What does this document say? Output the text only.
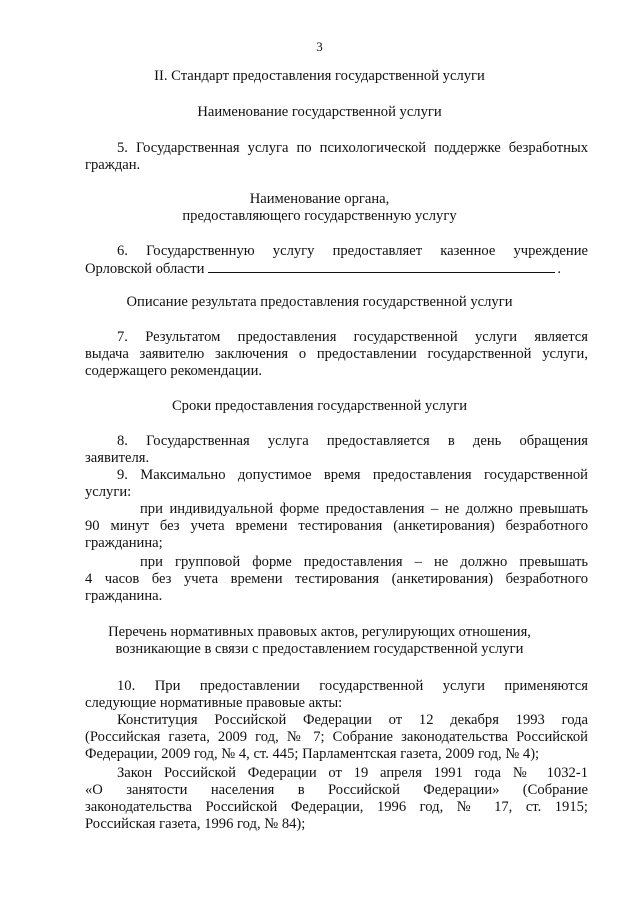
3
II. Стандарт предоставления государственной услуги
Наименование государственной услуги
5. Государственная услуга по психологической поддержке безработных
граждан.
Наименование органа,
предоставляющего государственную услугу
6. Государственную услугу предоставляет казенное учреждение
Орловской области	.
Описание результата предоставления государственной услуги
7. Результатом предоставления государственной услуги является
выдача заявителю заключения о предоставлении государственной услуги,
содержащего рекомендации.
Сроки предоставления государственной услуги
8. Государственная услуга предоставляется в день обращения
заявителя.
9. Максимально допустимое время предоставления государственной
услуги:
при индивидуальной форме предоставления – не должно превышать
90 минут без учета времени тестирования (анкетирования) безработного
гражданина;
при групповой форме предоставления – не должно превышать
4 часов без учета времени тестирования (анкетирования) безработного
гражданина.
Перечень нормативных правовых актов, регулирующих отношения,
возникающие в связи с предоставлением государственной услуги
10. При предоставлении государственной услуги применяются
следующие нормативные правовые акты:
Конституция Российской Федерации от 12 декабря 1993 года
(Российская газета, 2009 год, № 7; Собрание законодательства Российской
Федерации, 2009 год, № 4, ст. 445; Парламентская газета, 2009 год, № 4);
Закон Российской Федерации от 19 апреля 1991 года № 1032-1
«О занятости населения в Российской Федерации» (Собрание
законодательства Российской Федерации, 1996 год, № 17, ст. 1915;
Российская газета, 1996 год, № 84);
